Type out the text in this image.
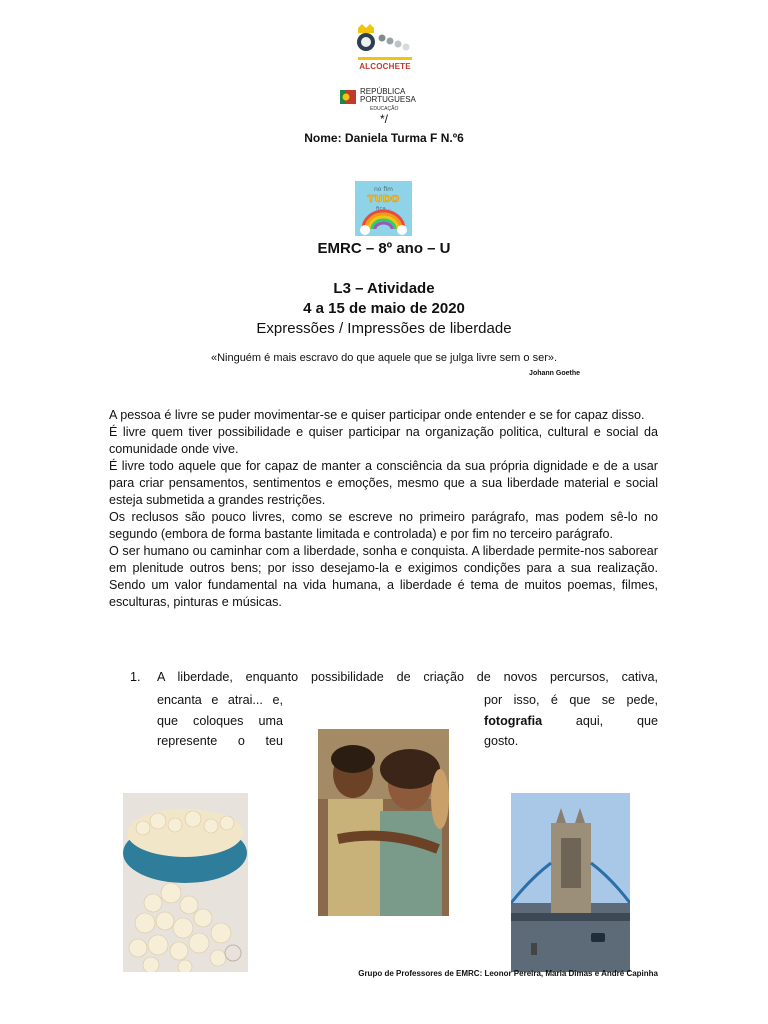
ALCOCHETE
REPÚBLICA
PORTUGUESA
EDUCAÇÃO
*/
Nome: Daniela Turma F N.º6
no fim
TUDO
fica...
EMRC – 8º ano – U
L3 – Atividade
4 a 15 de maio de 2020
Expressões / Impressões de liberdade
«Ninguém é mais escravo do que aquele que se julga livre sem o ser».
Johann Goethe

A pessoa é livre se puder movimentar-se e quiser participar onde entender e se for capaz disso.

É livre quem tiver possibilidade e quiser participar na organização politica, cultural e social da comunidade onde vive.

É livre todo aquele que for capaz de manter a consciência da sua própria dignidade e de a usar para criar pensamentos, sentimentos e emoções, mesmo que a sua liberdade material e social esteja submetida a grandes restrições.

Os reclusos são pouco livres, como se escreve no primeiro parágrafo, mas podem sê-lo no segundo (embora de forma bastante limitada e controlada) e por fim no terceiro parágrafo.

O ser humano ou caminhar com a liberdade, sonha e conquista. A liberdade permite-nos saborear em plenitude outros bens; por isso desejamo-la e exigimos condições para a sua realização. Sendo um valor fundamental na vida humana, a liberdade é tema de muitos poemas, filmes, esculturas, pinturas e músicas.

1. A liberdade, enquanto possibilidade de criação de novos percursos, cativa,
encanta e atrai... e,
que coloques uma
represente o teu
por isso, é que se pede,
fotografia	aqui, que
gosto.
Grupo de Professores de EMRC: Leonor Pereira, Maria Dimas e André Capinha
